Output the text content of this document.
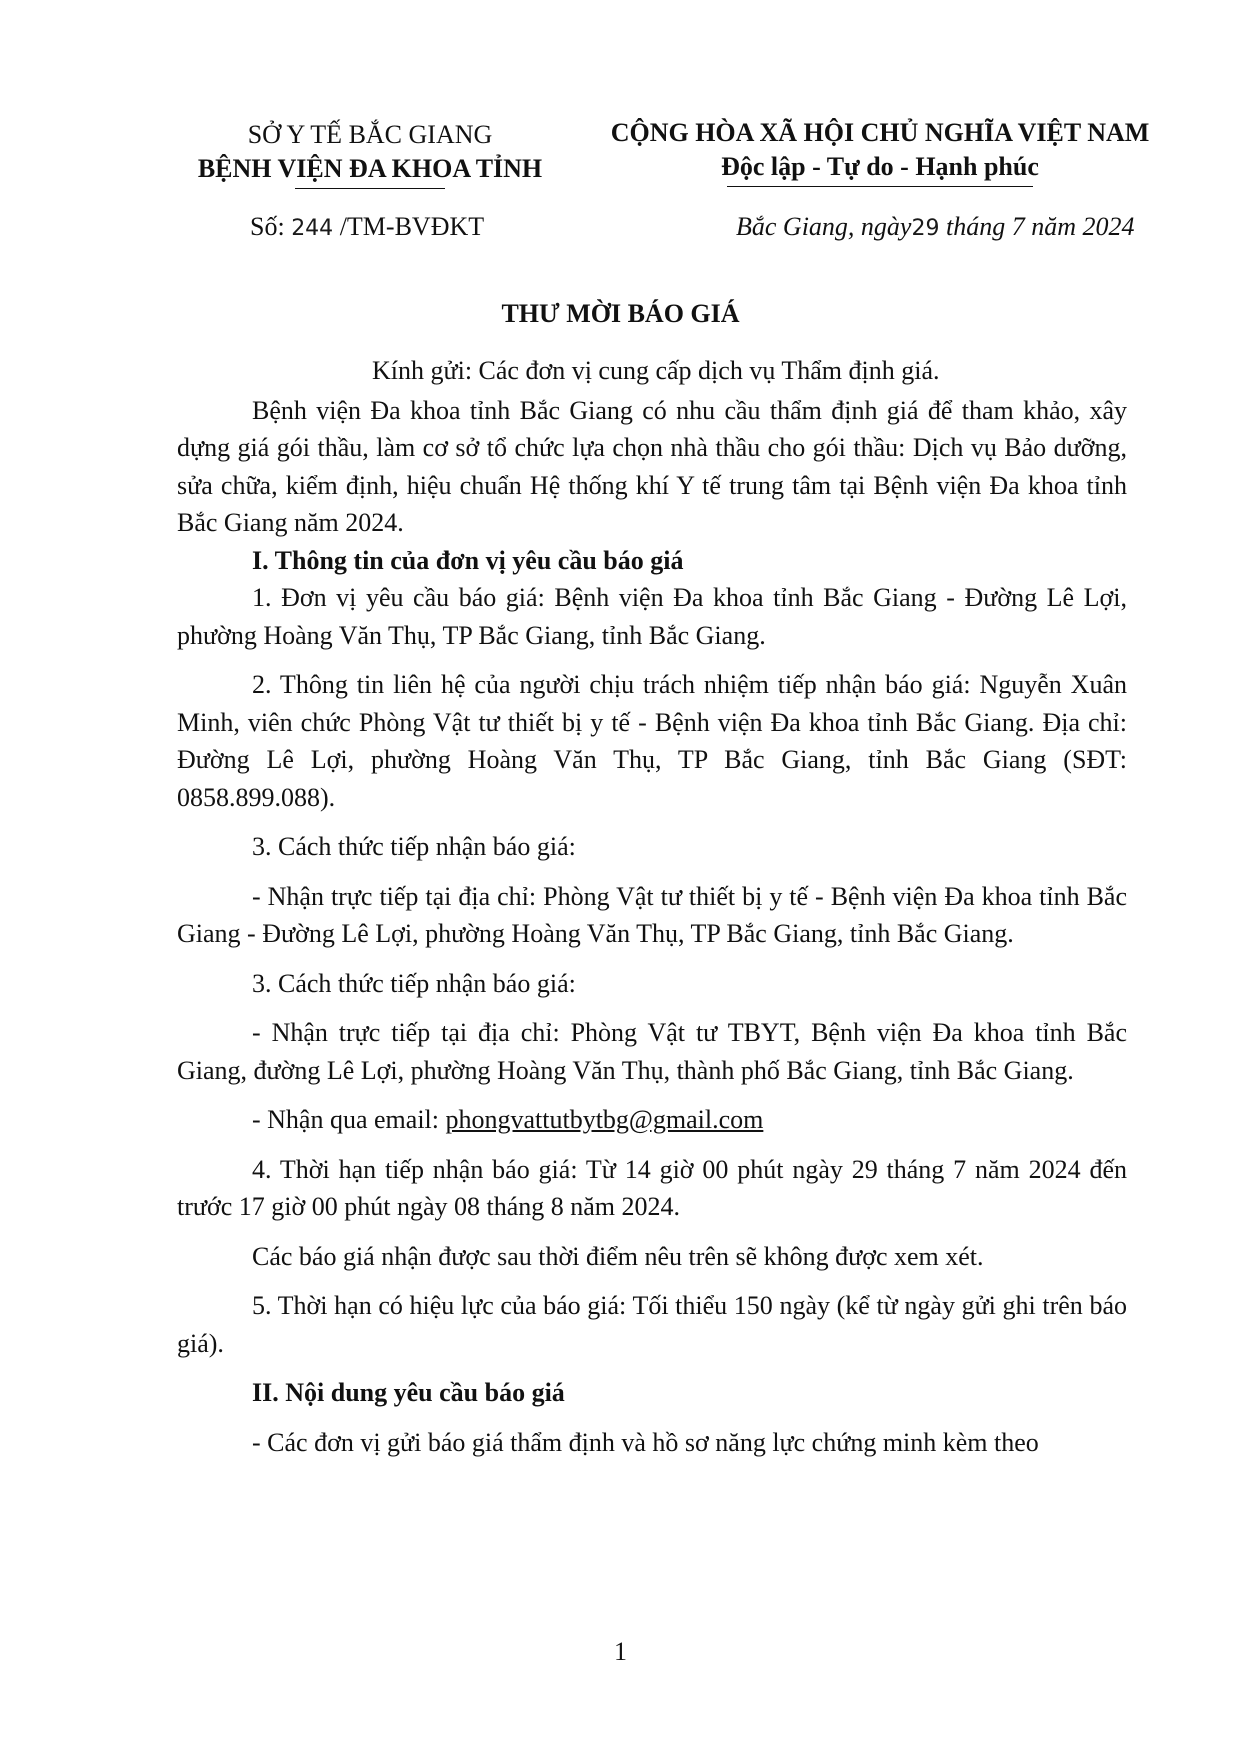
SỞ Y TẾ BẮC GIANG
BỆNH VIỆN ĐA KHOA TỈNH
CỘNG HÒA XÃ HỘI CHỦ NGHĨA VIỆT NAM
Độc lập - Tự do - Hạnh phúc
Số: 244 /TM-BVĐKT	Bắc Giang, ngày29 tháng 7 năm 2024
THƯ MỜI BÁO GIÁ

Kính gửi: Các đơn vị cung cấp dịch vụ Thẩm định giá.

Bệnh viện Đa khoa tỉnh Bắc Giang có nhu cầu thẩm định giá để tham khảo, xây dựng giá gói thầu, làm cơ sở tổ chức lựa chọn nhà thầu cho gói thầu: Dịch vụ Bảo dưỡng, sửa chữa, kiểm định, hiệu chuẩn Hệ thống khí Y tế trung tâm tại Bệnh viện Đa khoa tỉnh Bắc Giang năm 2024.

I. Thông tin của đơn vị yêu cầu báo giá

1. Đơn vị yêu cầu báo giá: Bệnh viện Đa khoa tỉnh Bắc Giang - Đường Lê Lợi, phường Hoàng Văn Thụ, TP Bắc Giang, tỉnh Bắc Giang.

2. Thông tin liên hệ của người chịu trách nhiệm tiếp nhận báo giá: Nguyễn Xuân Minh, viên chức Phòng Vật tư thiết bị y tế - Bệnh viện Đa khoa tỉnh Bắc Giang. Địa chỉ: Đường Lê Lợi, phường Hoàng Văn Thụ, TP Bắc Giang, tỉnh Bắc Giang (SĐT: 0858.899.088).

3. Cách thức tiếp nhận báo giá:

- Nhận trực tiếp tại địa chỉ: Phòng Vật tư thiết bị y tế - Bệnh viện Đa khoa tỉnh Bắc Giang - Đường Lê Lợi, phường Hoàng Văn Thụ, TP Bắc Giang, tỉnh Bắc Giang.

3. Cách thức tiếp nhận báo giá:

- Nhận trực tiếp tại địa chỉ: Phòng Vật tư TBYT, Bệnh viện Đa khoa tỉnh Bắc Giang, đường Lê Lợi, phường Hoàng Văn Thụ, thành phố Bắc Giang, tỉnh Bắc Giang.

- Nhận qua email: phongvattutbytbg@gmail.com

4. Thời hạn tiếp nhận báo giá: Từ 14 giờ 00 phút ngày 29 tháng 7 năm 2024 đến trước 17 giờ 00 phút ngày 08 tháng 8 năm 2024.

Các báo giá nhận được sau thời điểm nêu trên sẽ không được xem xét.

5. Thời hạn có hiệu lực của báo giá: Tối thiểu 150 ngày (kể từ ngày gửi ghi trên báo giá).

II. Nội dung yêu cầu báo giá

- Các đơn vị gửi báo giá thẩm định và hồ sơ năng lực chứng minh kèm theo

1
